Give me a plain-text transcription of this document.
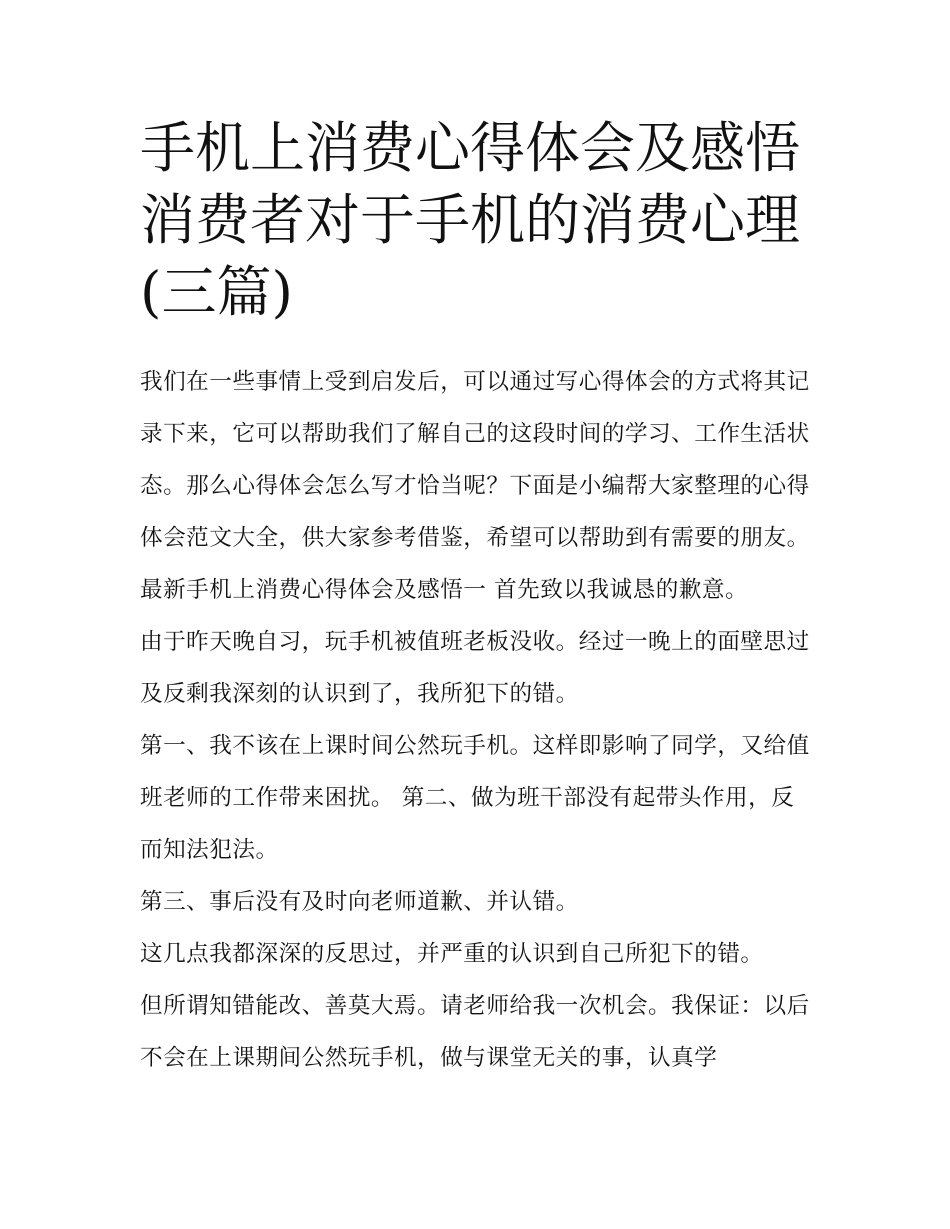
手机上消费心得体会及感悟 消费者对于手机的消费心理(三篇)

我们在一些事情上受到启发后，可以通过写心得体会的方式将其记录下来，它可以帮助我们了解自己的这段时间的学习、工作生活状态。那么心得体会怎么写才恰当呢？下面是小编帮大家整理的心得体会范文大全，供大家参考借鉴，希望可以帮助到有需要的朋友。

最新手机上消费心得体会及感悟一 首先致以我诚恳的歉意。

由于昨天晚自习，玩手机被值班老板没收。经过一晚上的面壁思过及反剩我深刻的认识到了，我所犯下的错。

第一、我不该在上课时间公然玩手机。这样即影响了同学，又给值班老师的工作带来困扰。 第二、做为班干部没有起带头作用，反而知法犯法。

第三、事后没有及时向老师道歉、并认错。

这几点我都深深的反思过，并严重的认识到自己所犯下的错。

但所谓知错能改、善莫大焉。请老师给我一次机会。我保证：以后不会在上课期间公然玩手机，做与课堂无关的事，认真学
